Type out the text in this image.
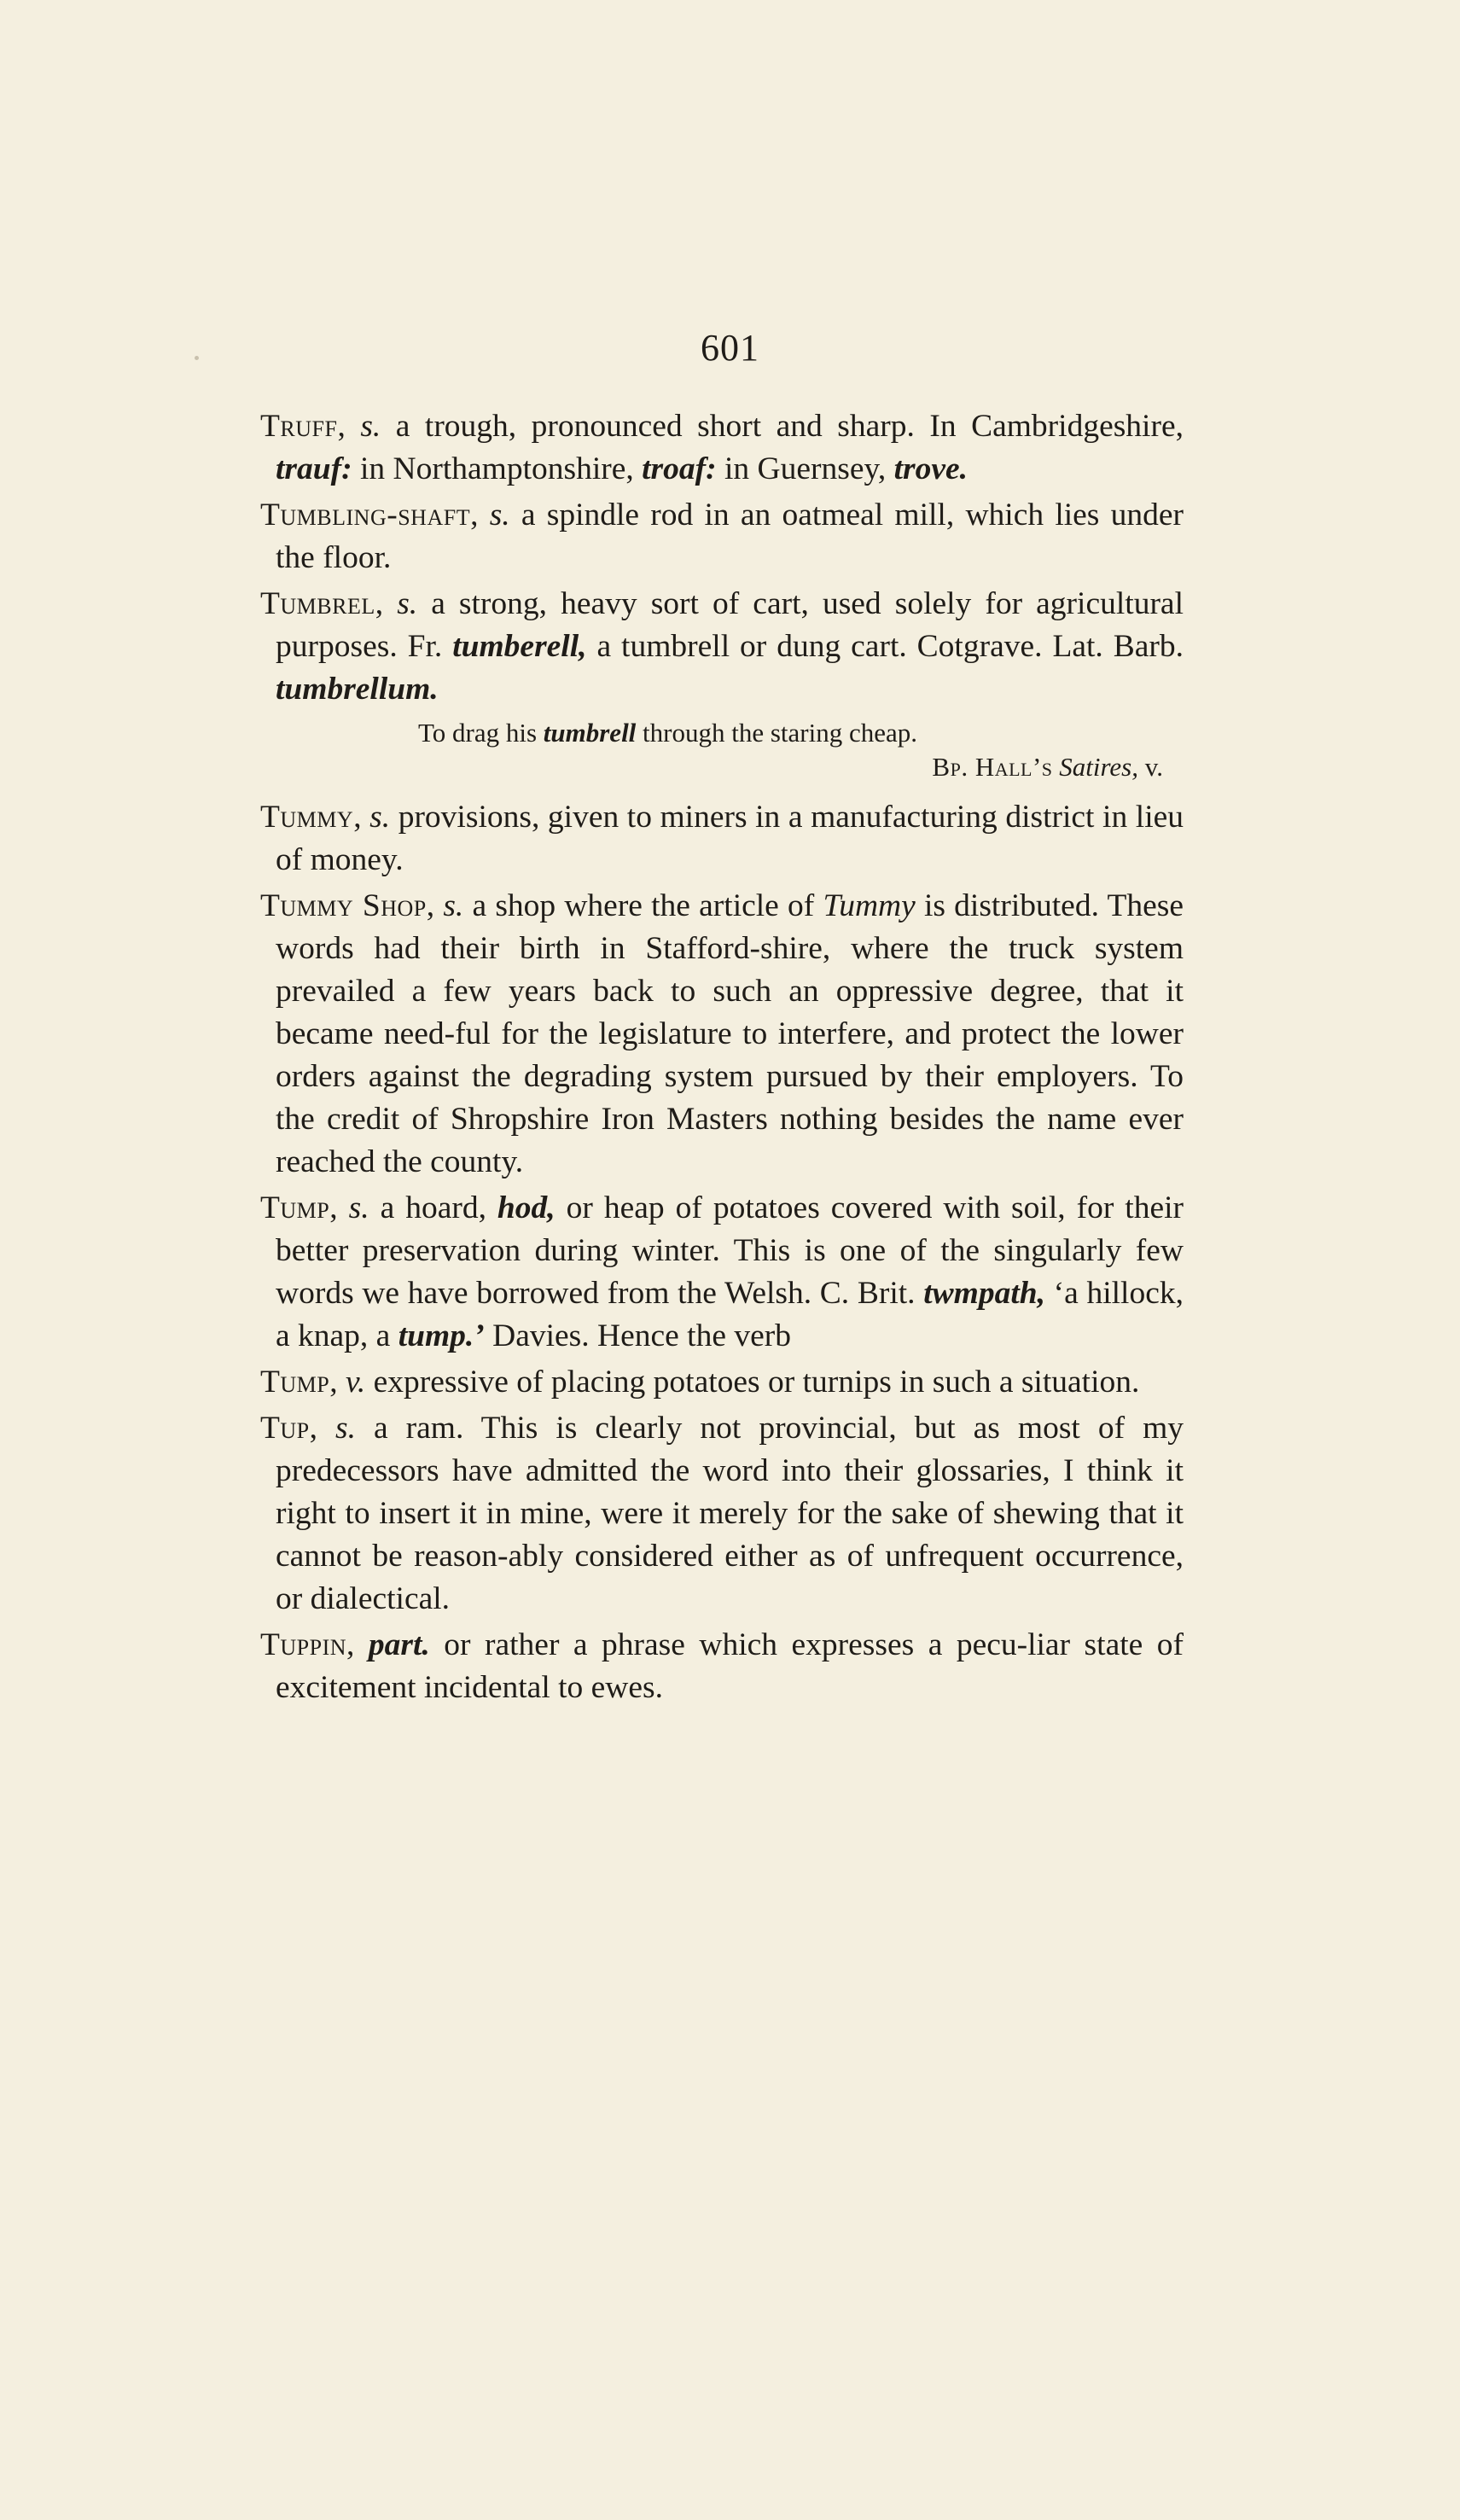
601

Truff, s. a trough, pronounced short and sharp. In Cambridgeshire, trauf: in Northamptonshire, troaf: in Guernsey, trove.

Tumbling-shaft, s. a spindle rod in an oatmeal mill, which lies under the floor.

Tumbrel, s. a strong, heavy sort of cart, used solely for agricultural purposes. Fr. tumberell, a tumbrell or dung cart. Cotgrave. Lat. Barb. tumbrellum.

To drag his tumbrell through the staring cheap.
Bp. Hall’s Satires, v.

Tummy, s. provisions, given to miners in a manufacturing district in lieu of money.

Tummy Shop, s. a shop where the article of Tummy is distributed. These words had their birth in Stafford-shire, where the truck system prevailed a few years back to such an oppressive degree, that it became need-ful for the legislature to interfere, and protect the lower orders against the degrading system pursued by their employers. To the credit of Shropshire Iron Masters nothing besides the name ever reached the county.

Tump, s. a hoard, hod, or heap of potatoes covered with soil, for their better preservation during winter. This is one of the singularly few words we have borrowed from the Welsh. C. Brit. twmpath, ‘a hillock, a knap, a tump.’ Davies. Hence the verb

Tump, v. expressive of placing potatoes or turnips in such a situation.

Tup, s. a ram. This is clearly not provincial, but as most of my predecessors have admitted the word into their glossaries, I think it right to insert it in mine, were it merely for the sake of shewing that it cannot be reason-ably considered either as of unfrequent occurrence, or dialectical.

Tuppin, part. or rather a phrase which expresses a pecu-liar state of excitement incidental to ewes.
